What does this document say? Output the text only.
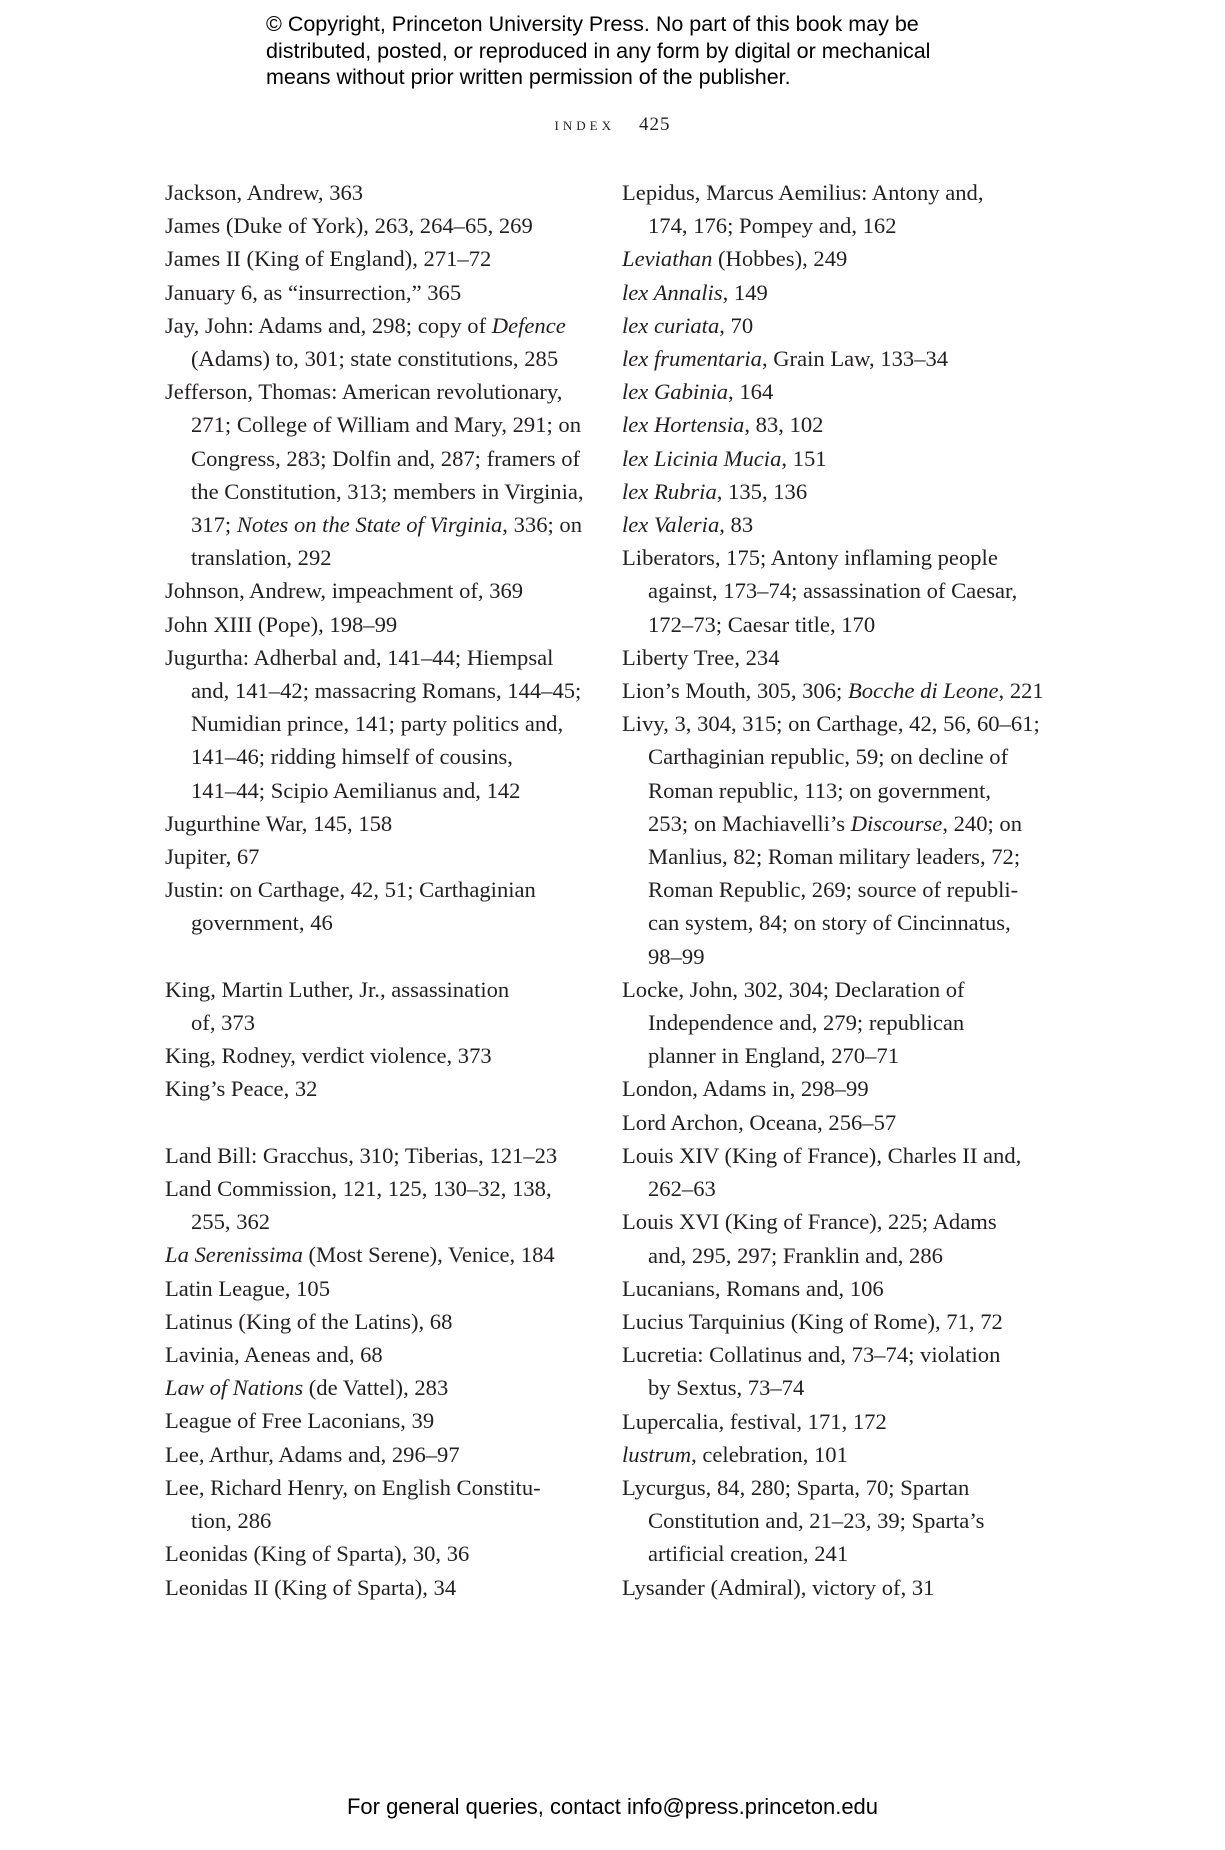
© Copyright, Princeton University Press. No part of this book may be
distributed, posted, or reproduced in any form by digital or mechanical
means without prior written permission of the publisher.
index 425
Jackson, Andrew, 363
James (Duke of York), 263, 264–65, 269
James II (King of England), 271–72
January 6, as “insurrection,” 365
Jay, John: Adams and, 298; copy of Defence
(Adams) to, 301; state constitutions, 285
Jefferson, Thomas: American revolutionary,
271; College of William and Mary, 291; on
Congress, 283; Dolfin and, 287; framers of
the Constitution, 313; members in Virginia,
317; Notes on the State of Virginia, 336; on
translation, 292
Johnson, Andrew, impeachment of, 369
John XIII (Pope), 198–99
Jugurtha: Adherbal and, 141–44; Hiempsal
and, 141–42; massacring Romans, 144–45;
Numidian prince, 141; party politics and,
141–46; ridding himself of cousins,
141–44; Scipio Aemilianus and, 142
Jugurthine War, 145, 158
Jupiter, 67
Justin: on Carthage, 42, 51; Carthaginian
government, 46
King, Martin Luther, Jr., assassination
of, 373
King, Rodney, verdict violence, 373
King’s Peace, 32
Land Bill: Gracchus, 310; Tiberias, 121–23
Land Commission, 121, 125, 130–32, 138,
255, 362
La Serenissima (Most Serene), Venice, 184
Latin League, 105
Latinus (King of the Latins), 68
Lavinia, Aeneas and, 68
Law of Nations (de Vattel), 283
League of Free Laconians, 39
Lee, Arthur, Adams and, 296–97
Lee, Richard Henry, on English Constitu-
tion, 286
Leonidas (King of Sparta), 30, 36
Leonidas II (King of Sparta), 34
Lepidus, Marcus Aemilius: Antony and,
174, 176; Pompey and, 162
Leviathan (Hobbes), 249
lex Annalis, 149
lex curiata, 70
lex frumentaria, Grain Law, 133–34
lex Gabinia, 164
lex Hortensia, 83, 102
lex Licinia Mucia, 151
lex Rubria, 135, 136
lex Valeria, 83
Liberators, 175; Antony inflaming people
against, 173–74; assassination of Caesar,
172–73; Caesar title, 170
Liberty Tree, 234
Lion’s Mouth, 305, 306; Bocche di Leone, 221
Livy, 3, 304, 315; on Carthage, 42, 56, 60–61;
Carthaginian republic, 59; on decline of
Roman republic, 113; on government,
253; on Machiavelli’s Discourse, 240; on
Manlius, 82; Roman military leaders, 72;
Roman Republic, 269; source of republi-
can system, 84; on story of Cincinnatus,
98–99
Locke, John, 302, 304; Declaration of
Independence and, 279; republican
planner in England, 270–71
London, Adams in, 298–99
Lord Archon, Oceana, 256–57
Louis XIV (King of France), Charles II and,
262–63
Louis XVI (King of France), 225; Adams
and, 295, 297; Franklin and, 286
Lucanians, Romans and, 106
Lucius Tarquinius (King of Rome), 71, 72
Lucretia: Collatinus and, 73–74; violation
by Sextus, 73–74
Lupercalia, festival, 171, 172
lustrum, celebration, 101
Lycurgus, 84, 280; Sparta, 70; Spartan
Constitution and, 21–23, 39; Sparta’s
artificial creation, 241
Lysander (Admiral), victory of, 31
For general queries, contact info@press.princeton.edu
